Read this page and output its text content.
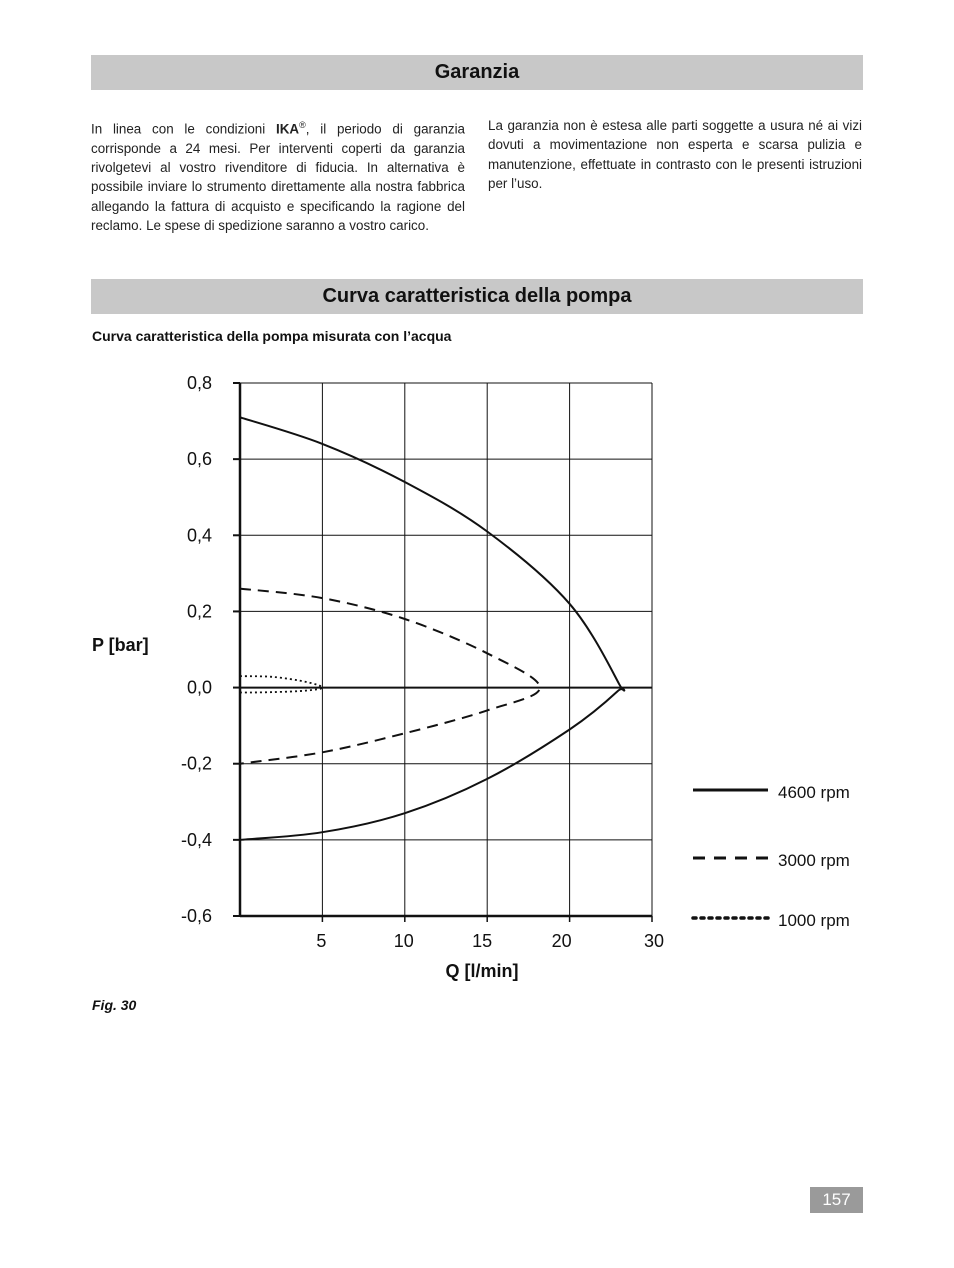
Garanzia

In linea con le condizioni IKA®, il periodo di garanzia corrisponde a 24 mesi. Per interventi coperti da garanzia rivolgetevi al vostro rivenditore di fiducia. In alternativa è possibile inviare lo strumento direttamente alla nostra fabbrica allegando la fattura di acquisto e specificando la ragione del reclamo. Le spese di spedizione saranno a vostro carico.

La garanzia non è estesa alle parti soggette a usura né ai vizi dovuti a movimentazione non esperta e scarsa pulizia e manutenzione, effettuate in contrasto con le presenti istruzioni per l’uso.

Curva caratteristica della pompa
Curva caratteristica della pompa misurata con l’acqua
0,8
0,6
0,4
0,2
0,0
-0,2
-0,4
-0,6
5	10	15	20	30
Q [l/min]
P [bar]
4600 rpm
3000 rpm
1000 rpm
Fig. 30
157
